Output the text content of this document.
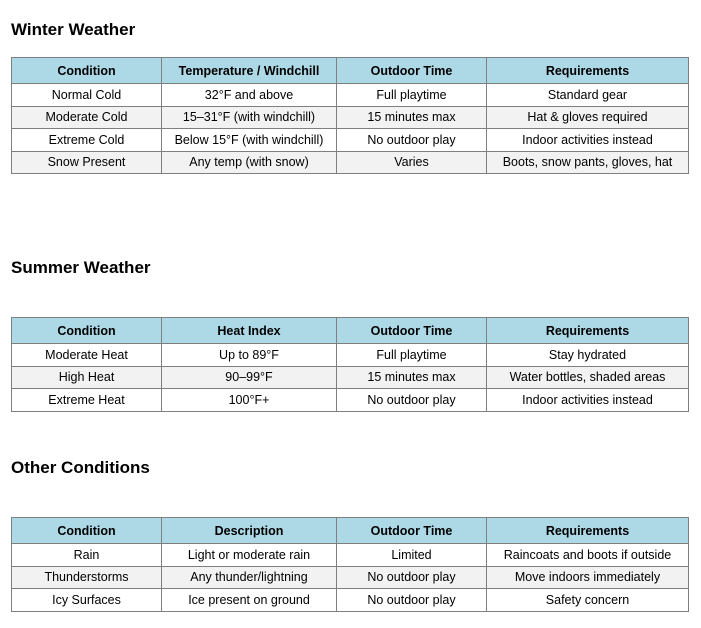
Winter Weather
Condition	Temperature / Windchill	Outdoor Time	Requirements
Normal Cold	32°F and above	Full playtime	Standard gear
Moderate Cold	15–31°F (with windchill)	15 minutes max	Hat & gloves required
Extreme Cold	Below 15°F (with windchill)	No outdoor play	Indoor activities instead
Snow Present	Any temp (with snow)	Varies	Boots, snow pants, gloves, hat
Summer Weather
Condition	Heat Index	Outdoor Time	Requirements
Moderate Heat	Up to 89°F	Full playtime	Stay hydrated
High Heat	90–99°F	15 minutes max	Water bottles, shaded areas
Extreme Heat	100°F+	No outdoor play	Indoor activities instead
Other Conditions
Condition	Description	Outdoor Time	Requirements
Rain	Light or moderate rain	Limited	Raincoats and boots if outside
Thunderstorms	Any thunder/lightning	No outdoor play	Move indoors immediately
Icy Surfaces	Ice present on ground	No outdoor play	Safety concern
